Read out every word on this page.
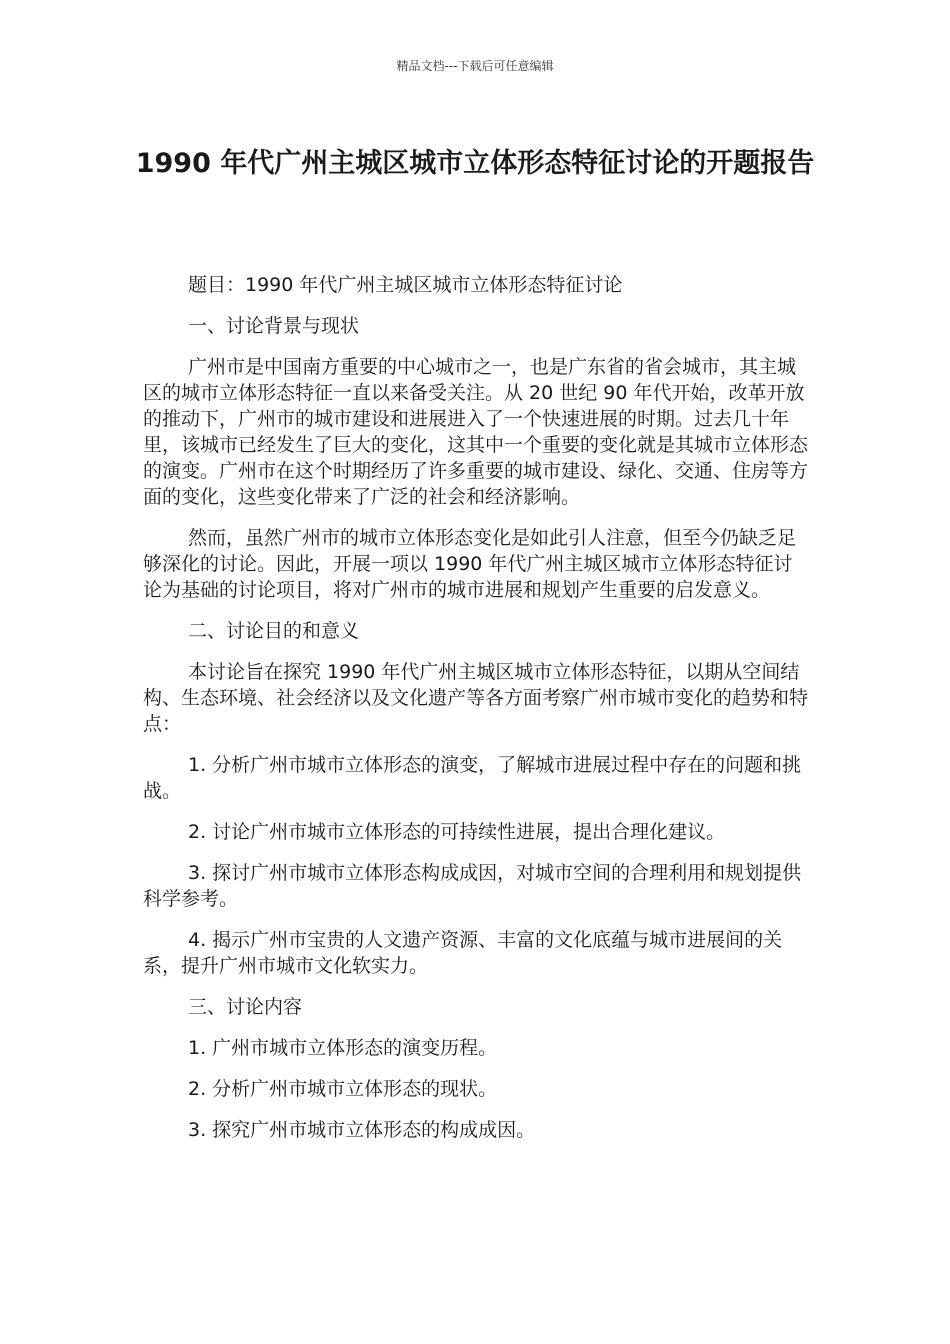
精品文档---下载后可任意编辑
1990 年代广州主城区城市立体形态特征讨论的开题报告

题目：1990 年代广州主城区城市立体形态特征讨论

一、讨论背景与现状

广州市是中国南方重要的中心城市之一，也是广东省的省会城市，其主城区的城市立体形态特征一直以来备受关注。从 20 世纪 90 年代开始，改革开放的推动下，广州市的城市建设和进展进入了一个快速进展的时期。过去几十年里，该城市已经发生了巨大的变化，这其中一个重要的变化就是其城市立体形态的演变。广州市在这个时期经历了许多重要的城市建设、绿化、交通、住房等方面的变化，这些变化带来了广泛的社会和经济影响。

然而，虽然广州市的城市立体形态变化是如此引人注意，但至今仍缺乏足够深化的讨论。因此，开展一项以 1990 年代广州主城区城市立体形态特征讨论为基础的讨论项目，将对广州市的城市进展和规划产生重要的启发意义。

二、讨论目的和意义

本讨论旨在探究 1990 年代广州主城区城市立体形态特征，以期从空间结构、生态环境、社会经济以及文化遗产等各方面考察广州市城市变化的趋势和特点：

1. 分析广州市城市立体形态的演变，了解城市进展过程中存在的问题和挑战。

2. 讨论广州市城市立体形态的可持续性进展，提出合理化建议。

3. 探讨广州市城市立体形态构成成因，对城市空间的合理利用和规划提供科学参考。

4. 揭示广州市宝贵的人文遗产资源、丰富的文化底蕴与城市进展间的关系，提升广州市城市文化软实力。

三、讨论内容

1. 广州市城市立体形态的演变历程。

2. 分析广州市城市立体形态的现状。

3. 探究广州市城市立体形态的构成成因。
